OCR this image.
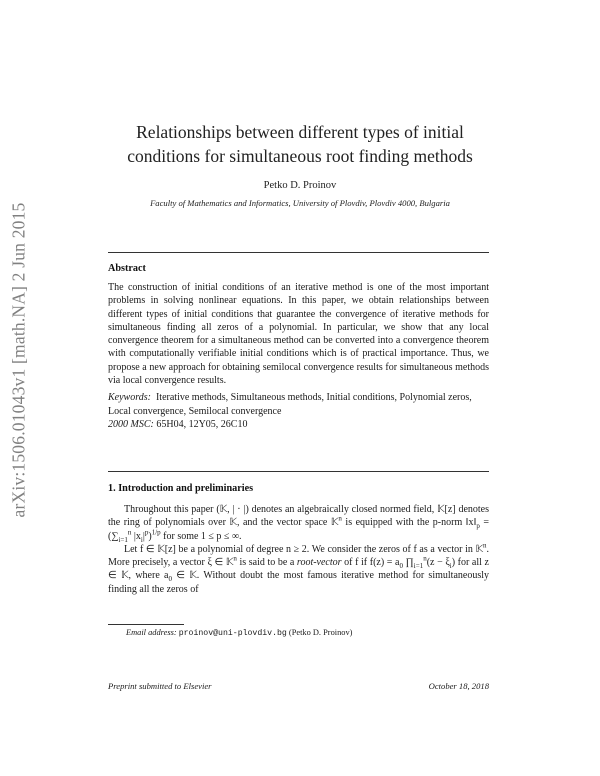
arXiv:1506.01043v1 [math.NA] 2 Jun 2015
Relationships between different types of initial
conditions for simultaneous root finding methods
Petko D. Proinov
Faculty of Mathematics and Informatics, University of Plovdiv, Plovdiv 4000, Bulgaria
Abstract

The construction of initial conditions of an iterative method is one of the most important problems in solving nonlinear equations. In this paper, we obtain relationships between different types of initial conditions that guarantee the convergence of iterative methods for simultaneous finding all zeros of a polynomial. In particular, we show that any local convergence theorem for a simultaneous method can be converted into a convergence theorem with computationally verifiable initial conditions which is of practical importance. Thus, we propose a new approach for obtaining semilocal convergence results for simultaneous methods via local convergence results.

Keywords: Iterative methods, Simultaneous methods, Initial conditions, Polynomial zeros, Local convergence, Semilocal convergence

2000 MSC: 65H04, 12Y05, 26C10

1. Introduction and preliminaries

Throughout this paper (𝕂, | · |) denotes an algebraically closed normed field, 𝕂[z] denotes the ring of polynomials over 𝕂, and the vector space 𝕂$^n$ is equipped with the p-norm $‖x‖_p = (\sum_{i=1}^n$ $|x_i|^p)^{1/p}$ for some 1 ≤ p ≤ ∞.

Let f ∈ 𝕂[z] be a polynomial of degree n ≥ 2. We consider the zeros of f as a vector in 𝕂$^n$. More precisely, a vector ξ ∈ 𝕂$^n$ is said to be a root-vector of f if $f(z) = a_0$ $\prod_{i=1}^n(z - \xi_i)$ for all z ∈ 𝕂, where $a_0$ ∈ 𝕂. Without doubt the most famous iterative method for simultaneously finding all the zeros of

Email address: proinov@uni-plovdiv.bg (Petko D. Proinov)
Preprint submitted to Elsevier	October 18, 2018
